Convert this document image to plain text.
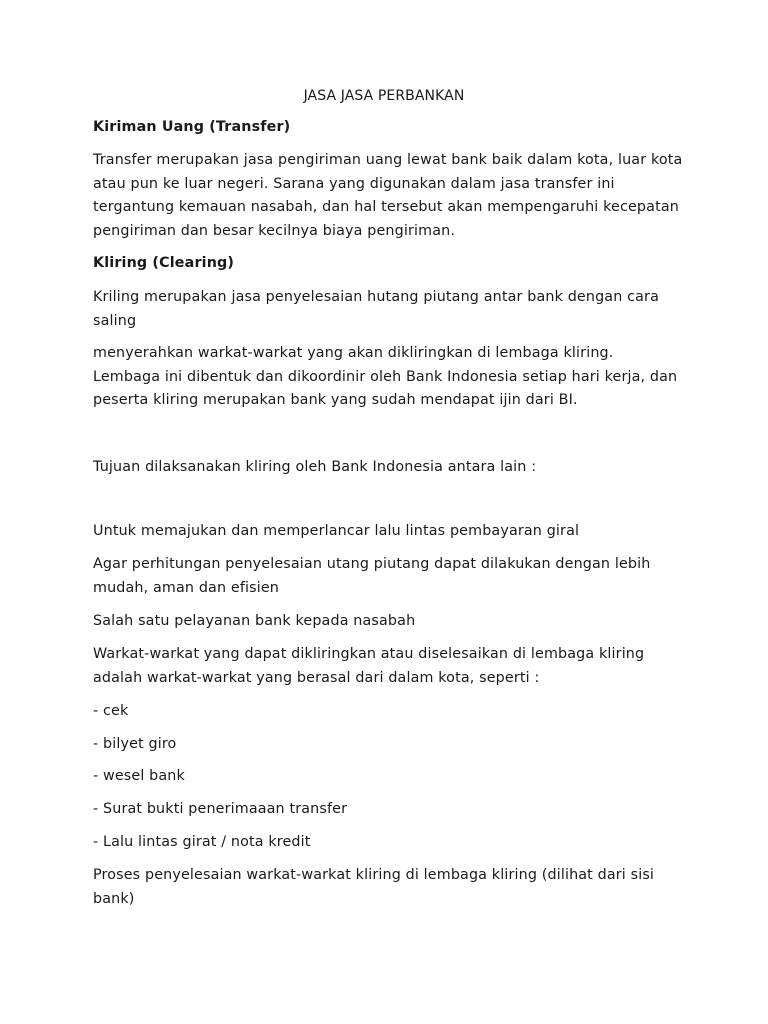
JASA JASA PERBANKAN

Kiriman Uang (Transfer)

Transfer merupakan jasa pengiriman uang lewat bank baik dalam kota, luar kota atau pun ke luar negeri. Sarana yang digunakan dalam jasa transfer ini tergantung kemauan nasabah, dan hal tersebut akan mempengaruhi kecepatan pengiriman dan besar kecilnya biaya pengiriman.

Kliring (Clearing)

Kriling merupakan jasa penyelesaian hutang piutang antar bank dengan cara saling

menyerahkan warkat-warkat yang akan dikliringkan di lembaga kliring. Lembaga ini dibentuk dan dikoordinir oleh Bank Indonesia setiap hari kerja, dan peserta kliring merupakan bank yang sudah mendapat ijin dari BI.

Tujuan dilaksanakan kliring oleh Bank Indonesia antara lain :

Untuk memajukan dan memperlancar lalu lintas pembayaran giral

Agar perhitungan penyelesaian utang piutang dapat dilakukan dengan lebih mudah, aman dan efisien

Salah satu pelayanan bank kepada nasabah

Warkat-warkat yang dapat dikliringkan atau diselesaikan di lembaga kliring adalah warkat-warkat yang berasal dari dalam kota, seperti :

- cek

- bilyet giro

- wesel bank

- Surat bukti penerimaaan transfer

- Lalu lintas girat / nota kredit

Proses penyelesaian warkat-warkat kliring di lembaga kliring (dilihat dari sisi bank)
